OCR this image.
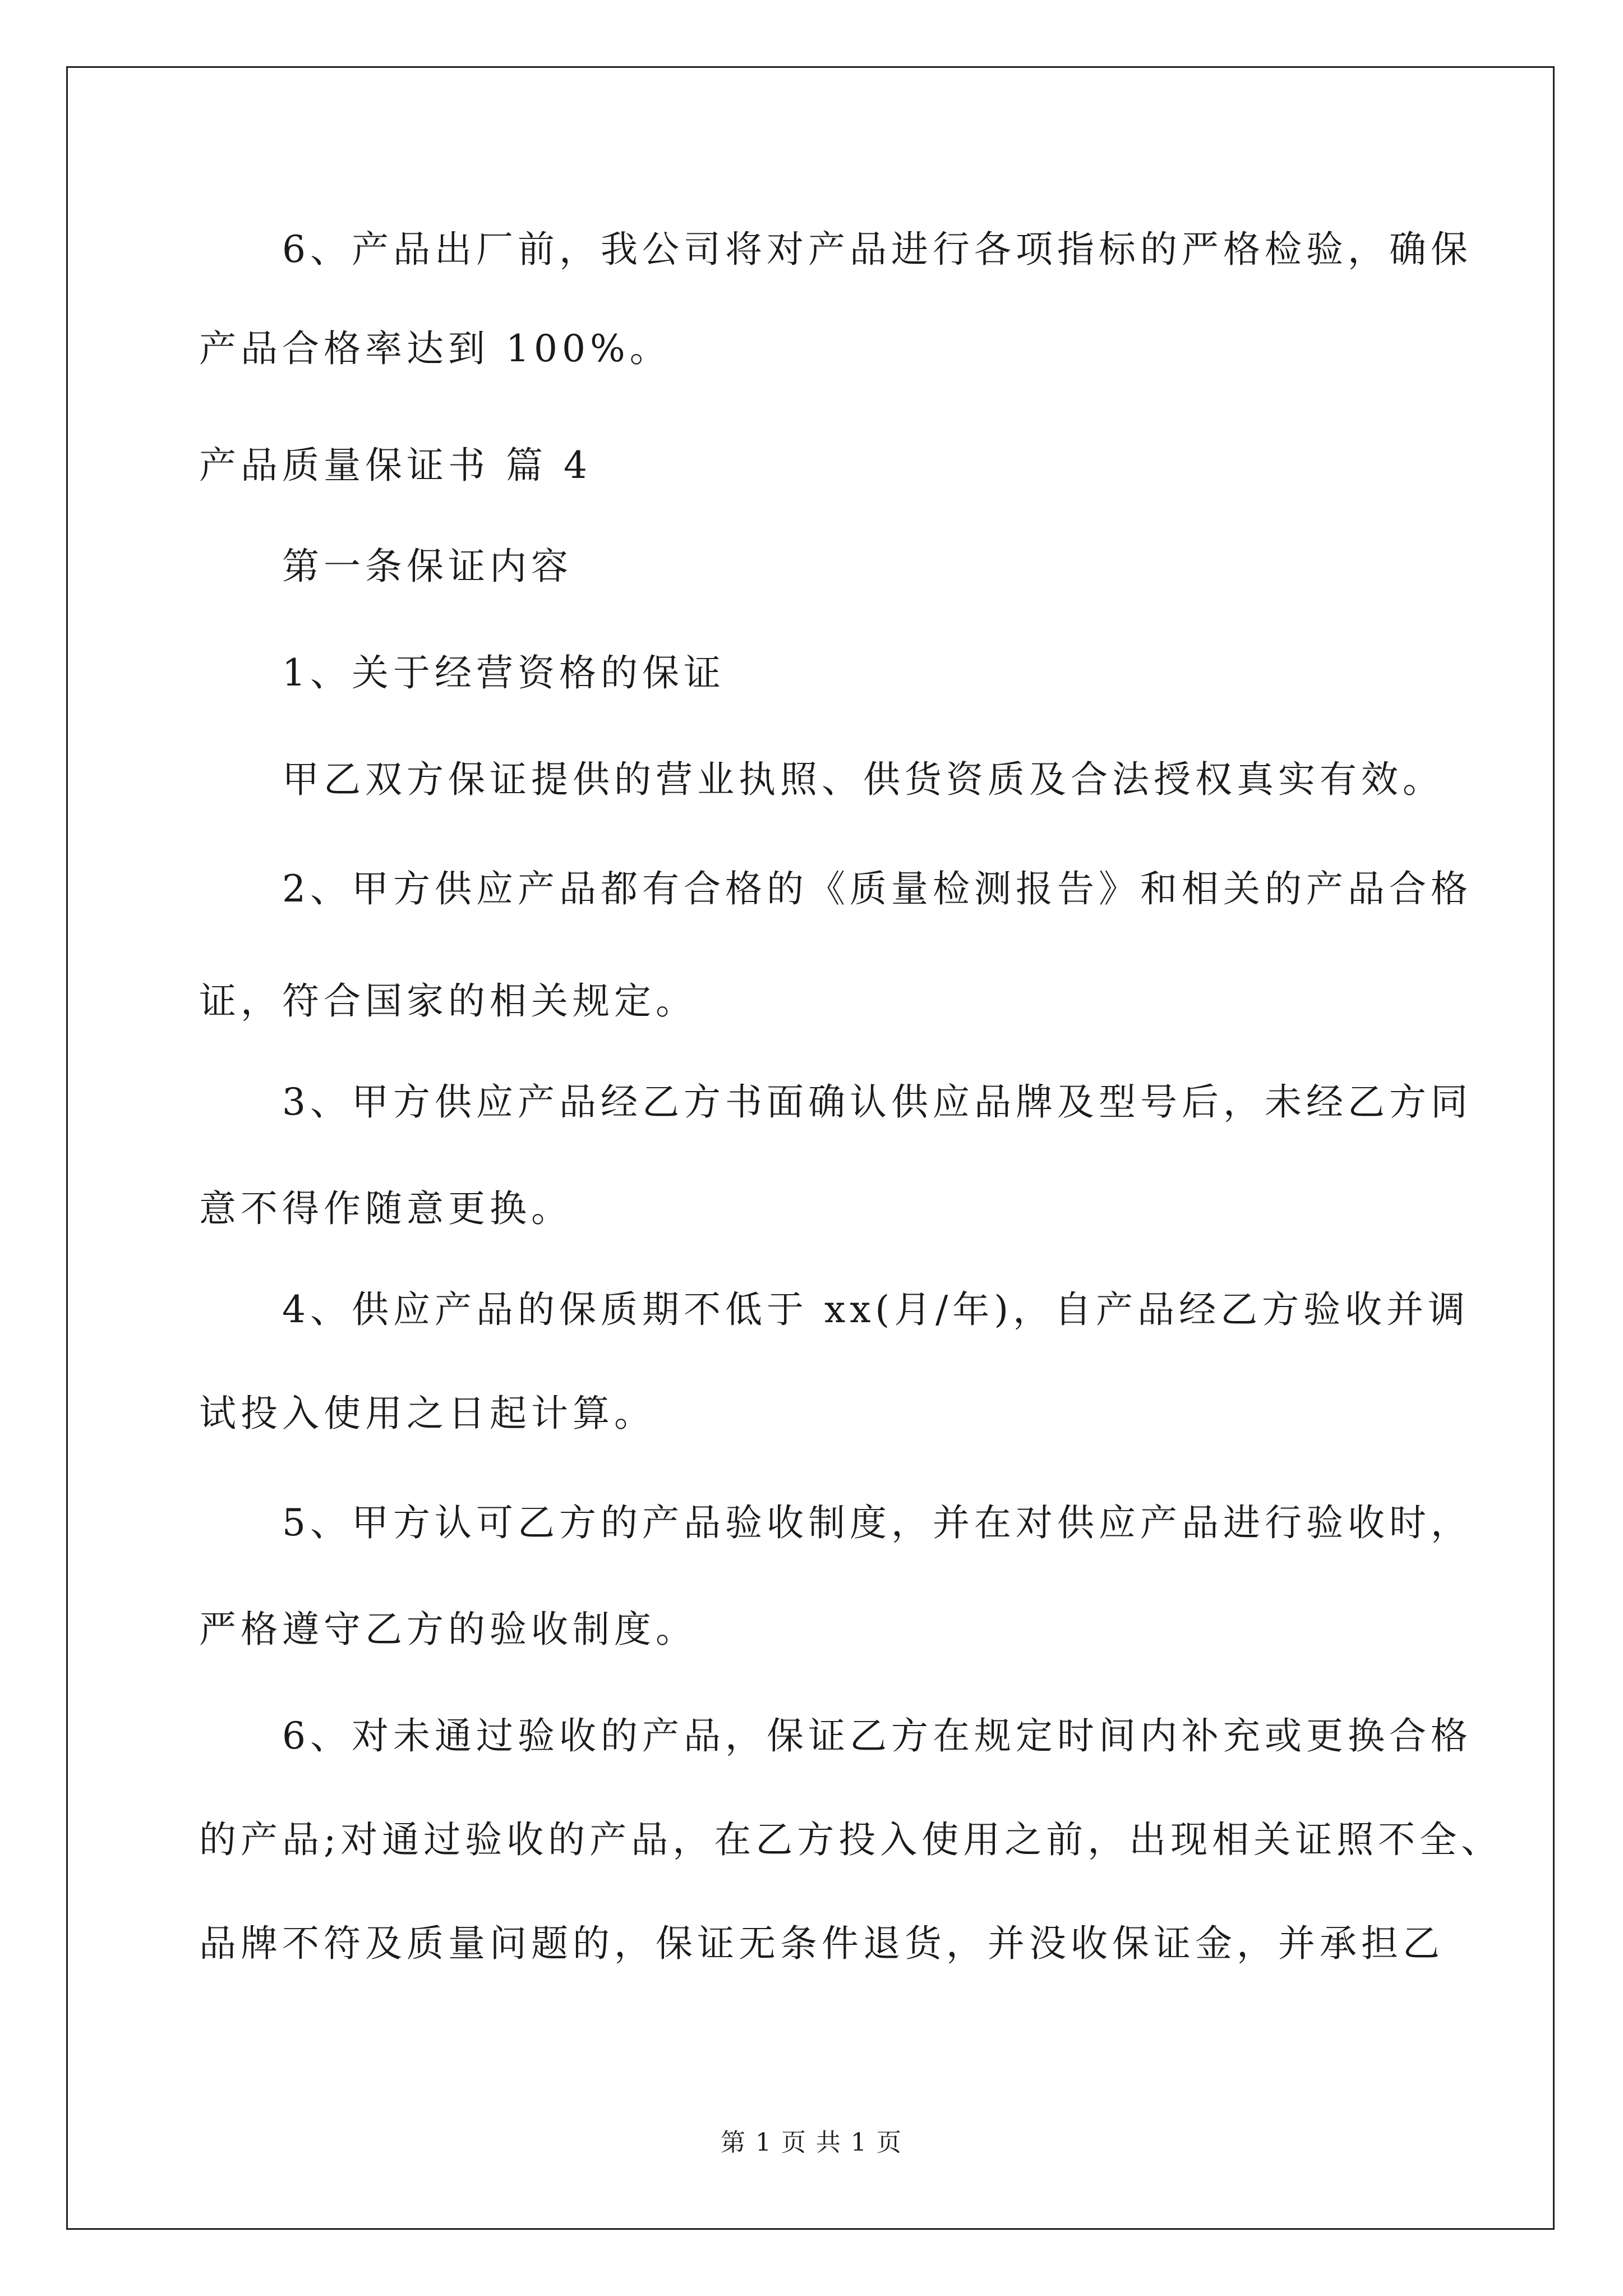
6、产品出厂前，我公司将对产品进行各项指标的严格检验，确保
产品合格率达到 100%。
产品质量保证书 篇 4
第一条保证内容
1、关于经营资格的保证
甲乙双方保证提供的营业执照、供货资质及合法授权真实有效。
2、甲方供应产品都有合格的《质量检测报告》和相关的产品合格
证，符合国家的相关规定。
3、甲方供应产品经乙方书面确认供应品牌及型号后，未经乙方同
意不得作随意更换。
4、供应产品的保质期不低于 xx(月/年)，自产品经乙方验收并调
试投入使用之日起计算。
5、甲方认可乙方的产品验收制度，并在对供应产品进行验收时，
严格遵守乙方的验收制度。
6、对未通过验收的产品，保证乙方在规定时间内补充或更换合格
的产品;对通过验收的产品，在乙方投入使用之前，出现相关证照不全、
品牌不符及质量问题的，保证无条件退货，并没收保证金，并承担乙
第 1 页 共 1 页
